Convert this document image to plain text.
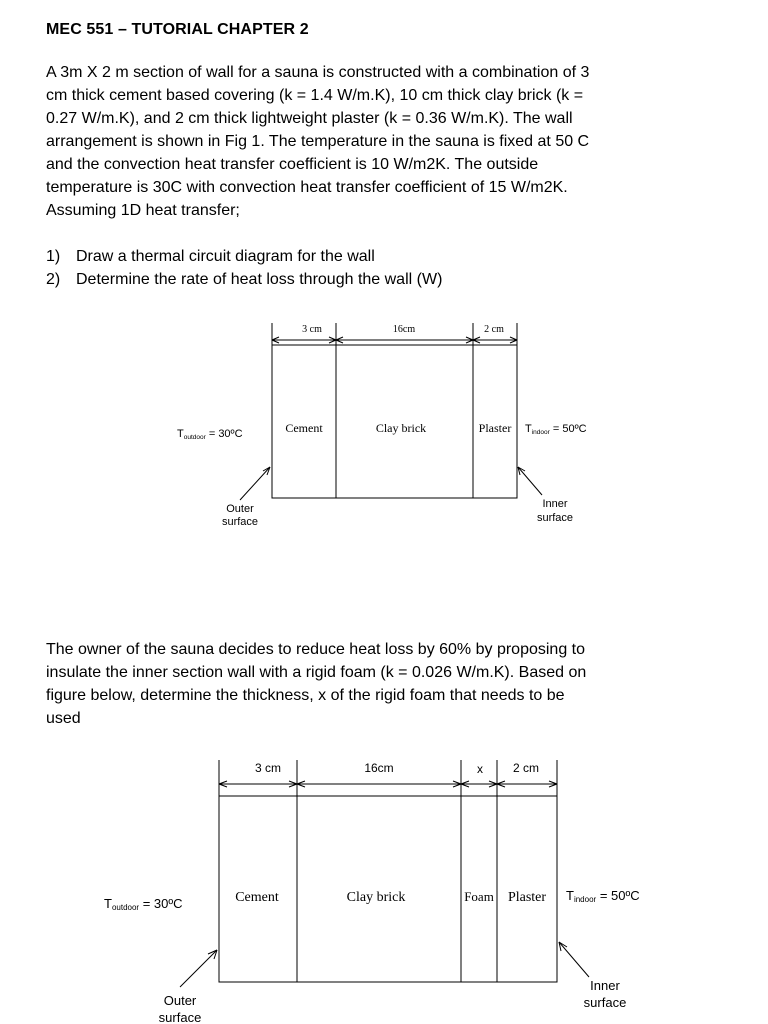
MEC 551 – TUTORIAL CHAPTER 2

A 3m X 2 m section of wall for a sauna is constructed with a combination of 3

cm thick cement based covering (k = 1.4 W/m.K), 10 cm thick clay brick (k =

0.27 W/m.K), and 2 cm thick lightweight plaster (k = 0.36 W/m.K). The wall

arrangement is shown in Fig 1. The temperature in the sauna is fixed at 50 C

and the convection heat transfer coefficient is 10 W/m2K. The outside

temperature is 30C with convection heat transfer coefficient of 15 W/m2K.

Assuming 1D heat transfer;

1) Draw a thermal circuit diagram for the wall
2) Determine the rate of heat loss through the wall (W)
3 cm	16cm	2 cm
Cement	Clay brick	Plaster
Toutdoor = 30ºC	Tindoor = 50ºC
Outer
surface
Inner
surface

The owner of the sauna decides to reduce heat loss by 60% by proposing to

insulate the inner section wall with a rigid foam (k = 0.026 W/m.K). Based on

figure below, determine the thickness, x of the rigid foam that needs to be

used

3 cm	16cm	x 2 cm
Cement	Clay brick	Foam Plaster
Toutdoor = 30ºC
Tindoor = 50ºC
Outer
surface
Inner
surface
